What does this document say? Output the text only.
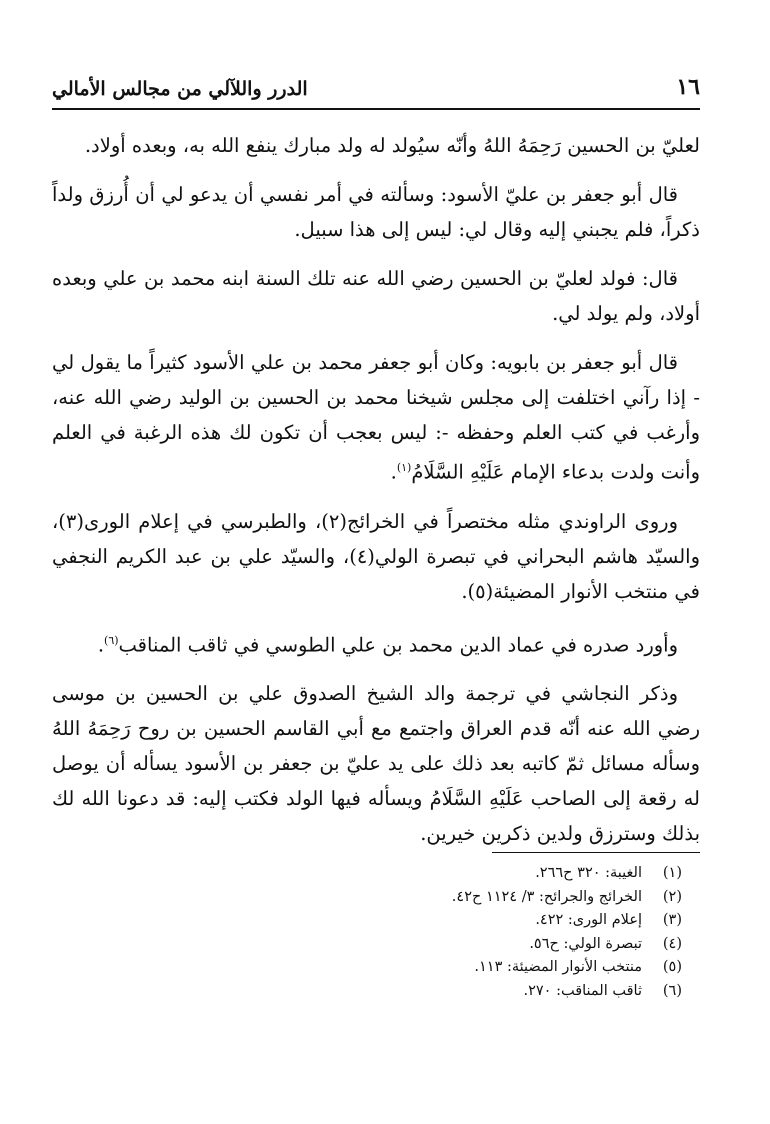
١٦
الدرر واللآلي من مجالس الأمالي

لعليّ بن الحسين رَحِمَهُ اللهُ وأنّه سيُولد له ولد مبارك ينفع الله به، وبعده أولاد.

قال أبو جعفر بن عليّ الأسود: وسألته في أمر نفسي أن يدعو لي أن أُرزق ولداً ذكراً، فلم يجبني إليه وقال لي: ليس إلى هذا سبيل.

قال: فولد لعليّ بن الحسين رضي الله عنه تلك السنة ابنه محمد بن علي وبعده أولاد، ولم يولد لي.

قال أبو جعفر بن بابويه: وكان أبو جعفر محمد بن علي الأسود كثيراً ما يقول لي - إذا رآني اختلفت إلى مجلس شيخنا محمد بن الحسين بن الوليد رضي الله عنه، وأرغب في كتب العلم وحفظه -: ليس بعجب أن تكون لك هذه الرغبة في العلم وأنت ولدت بدعاء الإمام عَلَيْهِ السَّلَامُ$^{(١)}$.

وروى الراوندي مثله مختصراً في الخرائج(٢)، والطبرسي في إعلام الورى(٣)، والسيّد هاشم البحراني في تبصرة الولي(٤)، والسيّد علي بن عبد الكريم النجفي في منتخب الأنوار المضيئة(٥).

وأورد صدره في عماد الدين محمد بن علي الطوسي في ثاقب المناقب$^{(٦)}$.

وذكر النجاشي في ترجمة والد الشيخ الصدوق علي بن الحسين بن موسى رضي الله عنه أنّه قدم العراق واجتمع مع أبي القاسم الحسين بن روح رَحِمَهُ اللهُ وسأله مسائل ثمّ كاتبه بعد ذلك على يد عليّ بن جعفر بن الأسود يسأله أن يوصل له رقعة إلى الصاحب عَلَيْهِ السَّلَامُ ويسأله فيها الولد فكتب إليه: قد دعونا الله لك بذلك وسترزق ولدين ذكرين خيرين.

(١)
الغيبة: ٣٢٠ ح٢٦٦.
(٢)
الخرائج والجرائح: ٣/ ١١٢٤ ح٤٢.
(٣)
إعلام الورى: ٤٢٢.
(٤)
تبصرة الولي: ح٥٦.
(٥)
منتخب الأنوار المضيئة: ١١٣.
(٦)
ثاقب المناقب: ٢٧٠.
